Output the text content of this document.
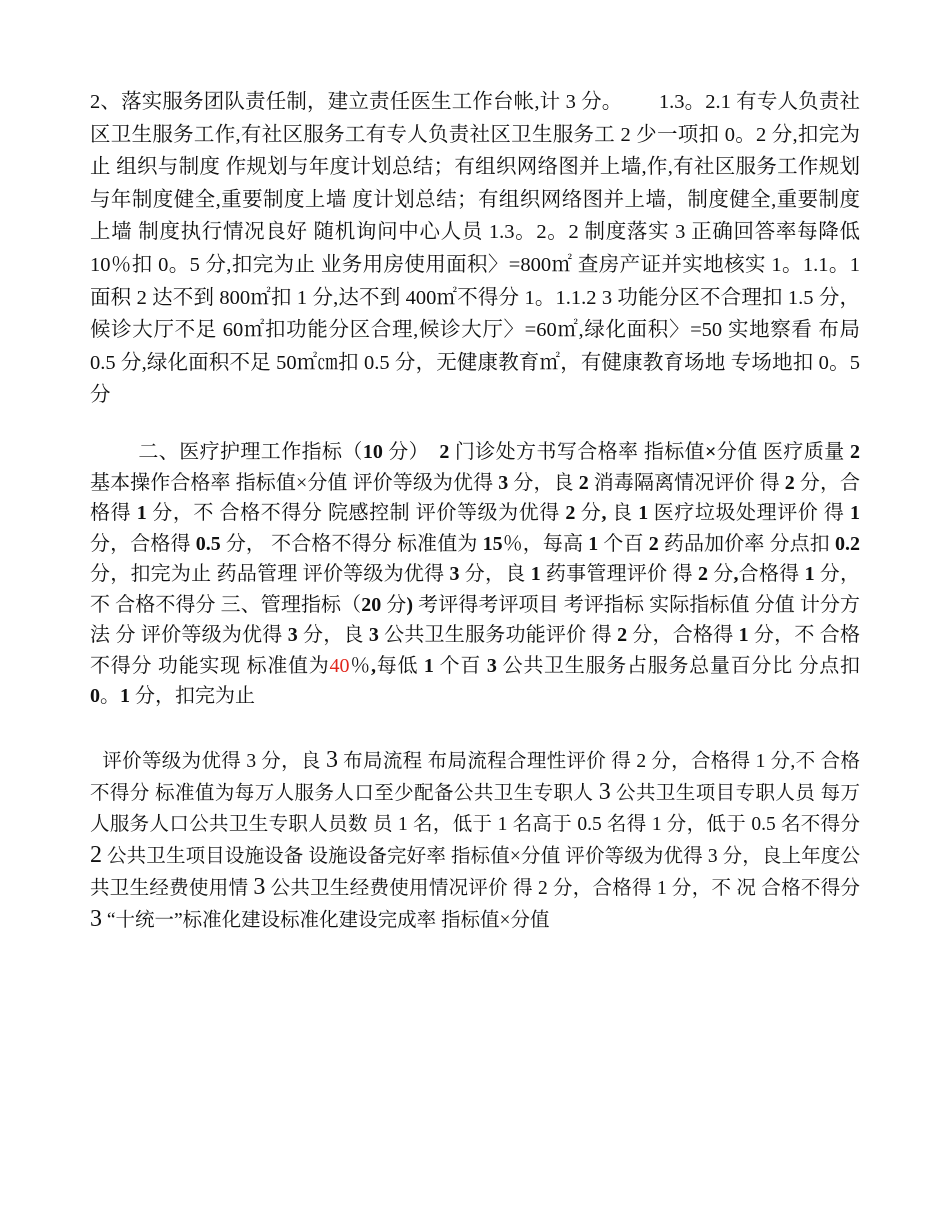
2、落实服务团队责任制，建立责任医生工作台帐,计 3 分。　　 1.3。2.1 有专人负责社区卫生服务工作,有社区服务工有专人负责社区卫生服务工 2 少一项扣 0。2 分,扣完为止 组织与制度 作规划与年度计划总结；有组织网络图并上墙,作,有社区服务工作规划与年制度健全,重要制度上墙 度计划总结；有组织网络图并上墙，制度健全,重要制度上墙 制度执行情况良好 随机询问中心人员 1.3。2。2 制度落实 3 正确回答率每降低 10％扣 0。5 分,扣完为止 业务用房使用面积〉=800㎡ 查房产证并实地核实 1。1.1。1 面积 2 达不到 800㎡扣 1 分,达不到 400㎡不得分 1。1.1.2 3 功能分区不合理扣 1.5 分，候诊大厅不足 60㎡扣功能分区合理,候诊大厅〉=60㎡,绿化面积〉=50 实地察看 布局 0.5 分,绿化面积不足 50㎡㎝扣 0.5 分，无健康教育㎡，有健康教育场地 专场地扣 0。5 分

二、医疗护理工作指标（10 分）　2 门诊处方书写合格率 指标值×分值 医疗质量 2 基本操作合格率 指标值×分值 评价等级为优得 3 分，良 2 消毒隔离情况评价 得 2 分，合格得 1 分，不 合格不得分 院感控制 评价等级为优得 2 分, 良 1 医疗垃圾处理评价 得 1 分，合格得 0.5 分， 不合格不得分 标准值为 15％，每高 1 个百 2 药品加价率 分点扣 0.2 分，扣完为止 药品管理 评价等级为优得 3 分，良 1 药事管理评价 得 2 分,合格得 1 分，不 合格不得分 三、管理指标（20 分) 考评得考评项目 考评指标 实际指标值 分值 计分方法 分 评价等级为优得 3 分，良 3 公共卫生服务功能评价 得 2 分，合格得 1 分，不 合格不得分 功能实现 标准值为40％,每低 1 个百 3 公共卫生服务占服务总量百分比 分点扣 0。1 分，扣完为止

评价等级为优得 3 分，良 3 布局流程 布局流程合理性评价 得 2 分，合格得 1 分,不 合格不得分 标准值为每万人服务人口至少配备公共卫生专职人 3 公共卫生项目专职人员 每万人服务人口公共卫生专职人员数 员 1 名，低于 1 名高于 0.5 名得 1 分，低于 0.5 名不得分 2 公共卫生项目设施设备 设施设备完好率 指标值×分值 评价等级为优得 3 分，良上年度公共卫生经费使用情 3 公共卫生经费使用情况评价 得 2 分，合格得 1 分，不 况 合格不得分 3 “十统一”标准化建设标准化建设完成率 指标值×分值
